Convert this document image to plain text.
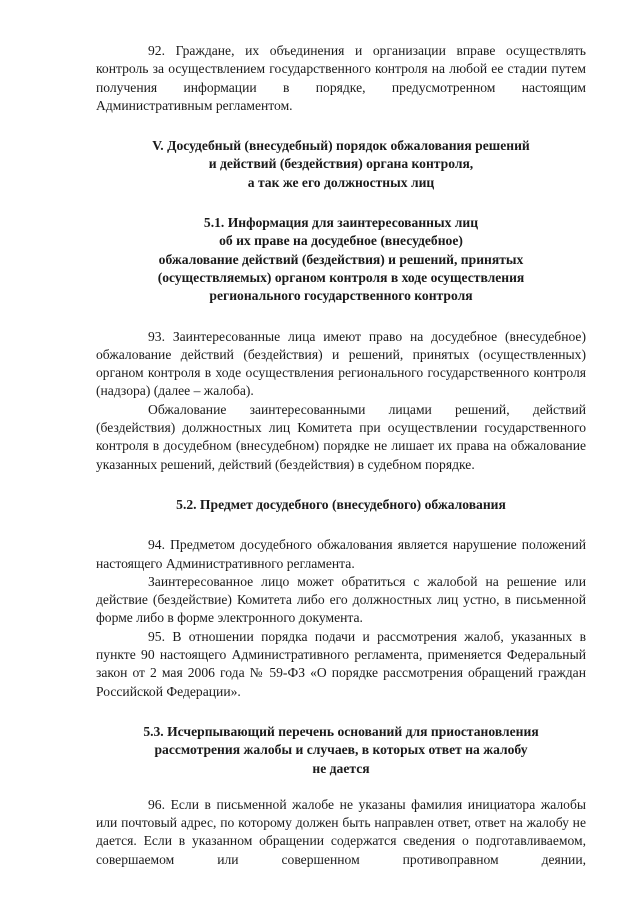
92. Граждане, их объединения и организации вправе осуществлять контроль за осуществлением государственного контроля на любой ее стадии путем получения информации в порядке, предусмотренном настоящим Административным регламентом.

V. Досудебный (внесудебный) порядок обжалования решений
и действий (бездействия) органа контроля,
а так же его должностных лиц
5.1. Информация для заинтересованных лиц
об их праве на досудебное (внесудебное)
обжалование действий (бездействия) и решений, принятых
(осуществляемых) органом контроля в ходе осуществления
регионального государственного контроля

93. Заинтересованные лица имеют право на досудебное (внесудебное) обжалование действий (бездействия) и решений, принятых (осуществленных) органом контроля в ходе осуществления регионального государственного контроля (надзора) (далее – жалоба).

Обжалование заинтересованными лицами решений, действий (бездействия) должностных лиц Комитета при осуществлении государственного контроля в досудебном (внесудебном) порядке не лишает их права на обжалование указанных решений, действий (бездействия) в судебном порядке.

5.2. Предмет досудебного (внесудебного) обжалования

94. Предметом досудебного обжалования является нарушение положений настоящего Административного регламента.

Заинтересованное лицо может обратиться с жалобой на решение или действие (бездействие) Комитета либо его должностных лиц устно, в письменной форме либо в форме электронного документа.

95. В отношении порядка подачи и рассмотрения жалоб, указанных в пункте 90 настоящего Административного регламента, применяется Федеральный закон от 2 мая 2006 года № 59-ФЗ «О порядке рассмотрения обращений граждан Российской Федерации».

5.3. Исчерпывающий перечень оснований для приостановления
рассмотрения жалобы и случаев, в которых ответ на жалобу
не дается

96. Если в письменной жалобе не указаны фамилия инициатора жалобы или почтовый адрес, по которому должен быть направлен ответ, ответ на жалобу не дается. Если в указанном обращении содержатся сведения о подготавливаемом, совершаемом или совершенном противоправном деянии,
